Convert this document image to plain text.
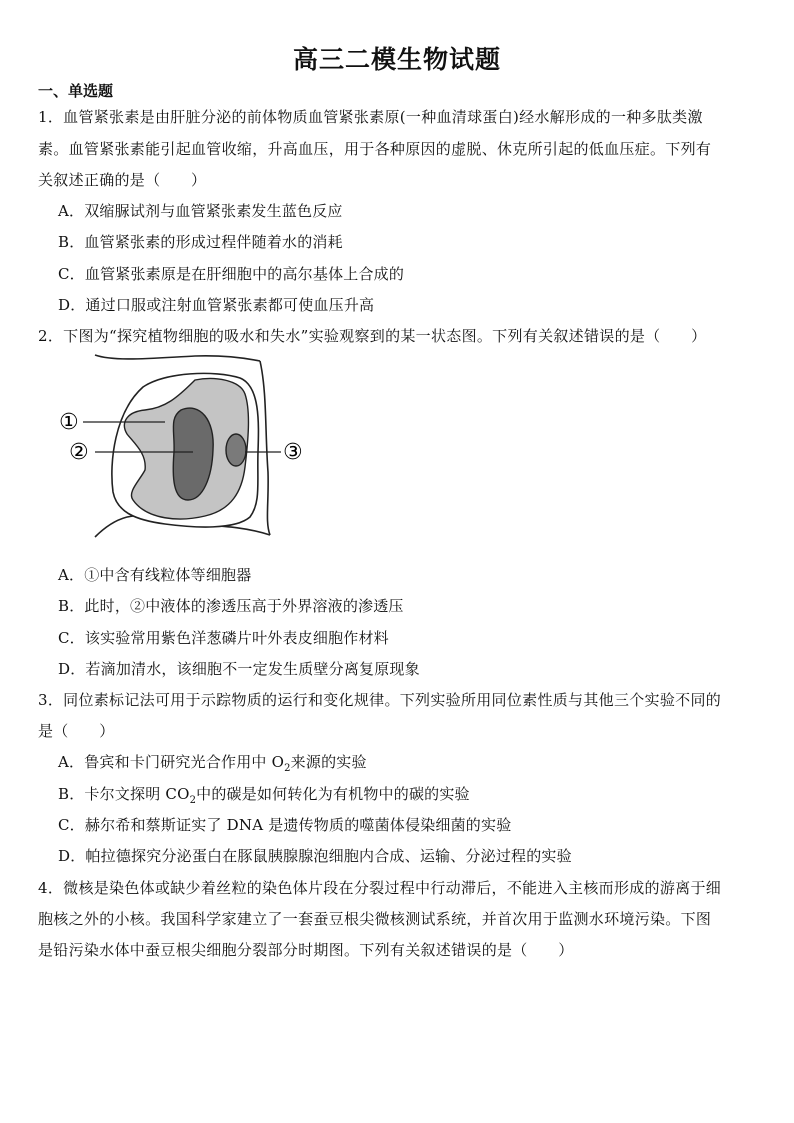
高三二模生物试题
一、单选题
1．血管紧张素是由肝脏分泌的前体物质血管紧张素原(一种血清球蛋白)经水解形成的一种多肽类激
素。血管紧张素能引起血管收缩，升高血压，用于各种原因的虚脱、休克所引起的低血压症。下列有
关叙述正确的是（　　）
A．双缩脲试剂与血管紧张素发生蓝色反应
B．血管紧张素的形成过程伴随着水的消耗
C．血管紧张素原是在肝细胞中的高尔基体上合成的
D．通过口服或注射血管紧张素都可使血压升高
2．下图为“探究植物细胞的吸水和失水”实验观察到的某一状态图。下列有关叙述错误的是（　　）
①
②	③
A．①中含有线粒体等细胞器
B．此时，②中液体的渗透压高于外界溶液的渗透压
C．该实验常用紫色洋葱磷片叶外表皮细胞作材料
D．若滴加清水，该细胞不一定发生质壁分离复原现象
3．同位素标记法可用于示踪物质的运行和变化规律。下列实验所用同位素性质与其他三个实验不同的
是（　　）
A．鲁宾和卡门研究光合作用中 $O_2$来源的实验
B．卡尔文探明 $CO_2$中的碳是如何转化为有机物中的碳的实验
C．赫尔希和蔡斯证实了 DNA 是遗传物质的噬菌体侵染细菌的实验
D．帕拉德探究分泌蛋白在豚鼠胰腺腺泡细胞内合成、运输、分泌过程的实验
4．微核是染色体或缺少着丝粒的染色体片段在分裂过程中行动滞后，不能进入主核而形成的游离于细
胞核之外的小核。我国科学家建立了一套蚕豆根尖微核测试系统，并首次用于监测水环境污染。下图
是铅污染水体中蚕豆根尖细胞分裂部分时期图。下列有关叙述错误的是（　　）
